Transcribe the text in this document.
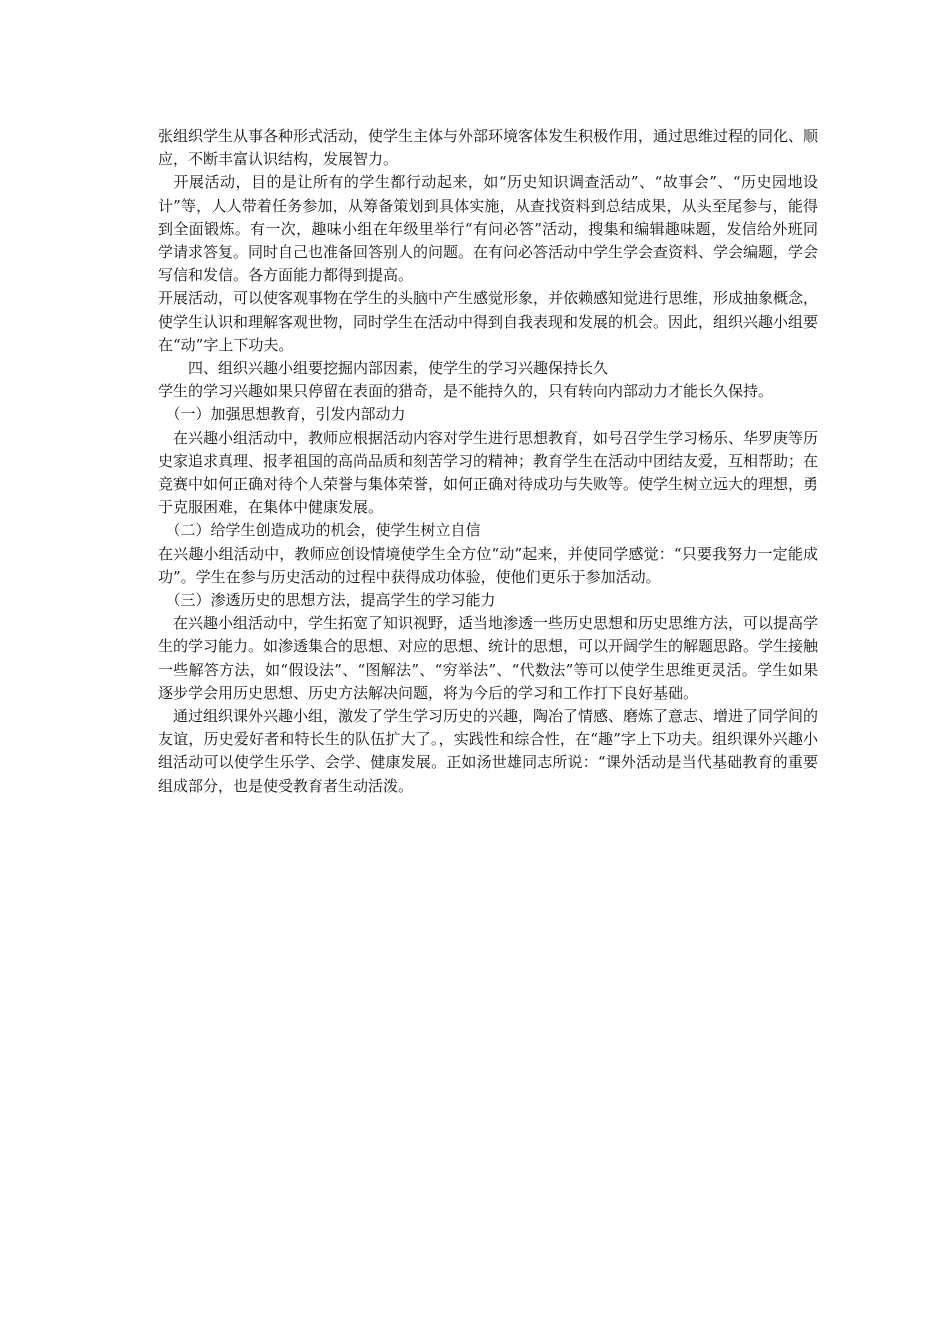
张组织学生从事各种形式活动，使学生主体与外部环境客体发生积极作用，通过思维过程的同化、顺应，不断丰富认识结构，发展智力。

　开展活动，目的是让所有的学生都行动起来，如“历史知识调查活动”、“故事会”、“历史园地设计”等，人人带着任务参加，从筹备策划到具体实施，从查找资料到总结成果，从头至尾参与，能得到全面锻炼。有一次，趣味小组在年级里举行“有问必答”活动，搜集和编辑趣味题，发信给外班同学请求答复。同时自己也准备回答别人的问题。在有问必答活动中学生学会查资料、学会编题，学会写信和发信。各方面能力都得到提高。

开展活动，可以使客观事物在学生的头脑中产生感觉形象，并依赖感知觉进行思维，形成抽象概念，使学生认识和理解客观世物，同时学生在活动中得到自我表现和发展的机会。因此，组织兴趣小组要在“动”字上下功夫。

　　四、组织兴趣小组要挖掘内部因素，使学生的学习兴趣保持长久

学生的学习兴趣如果只停留在表面的猎奇，是不能持久的，只有转向内部动力才能长久保持。

　（一）加强思想教育，引发内部动力

　在兴趣小组活动中，教师应根据活动内容对学生进行思想教育，如号召学生学习杨乐、华罗庚等历史家追求真理、报孝祖国的高尚品质和刻苦学习的精神；教育学生在活动中团结友爱，互相帮助；在竞赛中如何正确对待个人荣誉与集体荣誉，如何正确对待成功与失败等。使学生树立远大的理想，勇于克服困难，在集体中健康发展。

　（二）给学生创造成功的机会，使学生树立自信

在兴趣小组活动中，教师应创设情境使学生全方位“动”起来，并使同学感觉：“只要我努力一定能成功”。学生在参与历史活动的过程中获得成功体验，使他们更乐于参加活动。

　（三）渗透历史的思想方法，提高学生的学习能力

　在兴趣小组活动中，学生拓宽了知识视野，适当地渗透一些历史思想和历史思维方法，可以提高学生的学习能力。如渗透集合的思想、对应的思想、统计的思想，可以开阔学生的解题思路。学生接触一些解答方法，如“假设法”、“图解法”、“穷举法”、“代数法”等可以使学生思维更灵活。学生如果逐步学会用历史思想、历史方法解决问题，将为今后的学习和工作打下良好基础。

　通过组织课外兴趣小组，激发了学生学习历史的兴趣，陶冶了情感、磨炼了意志、增进了同学间的友谊，历史爱好者和特长生的队伍扩大了。，实践性和综合性，在“趣”字上下功夫。组织课外兴趣小组活动可以使学生乐学、会学、健康发展。正如汤世雄同志所说：“课外活动是当代基础教育的重要组成部分，也是使受教育者生动活泼。
